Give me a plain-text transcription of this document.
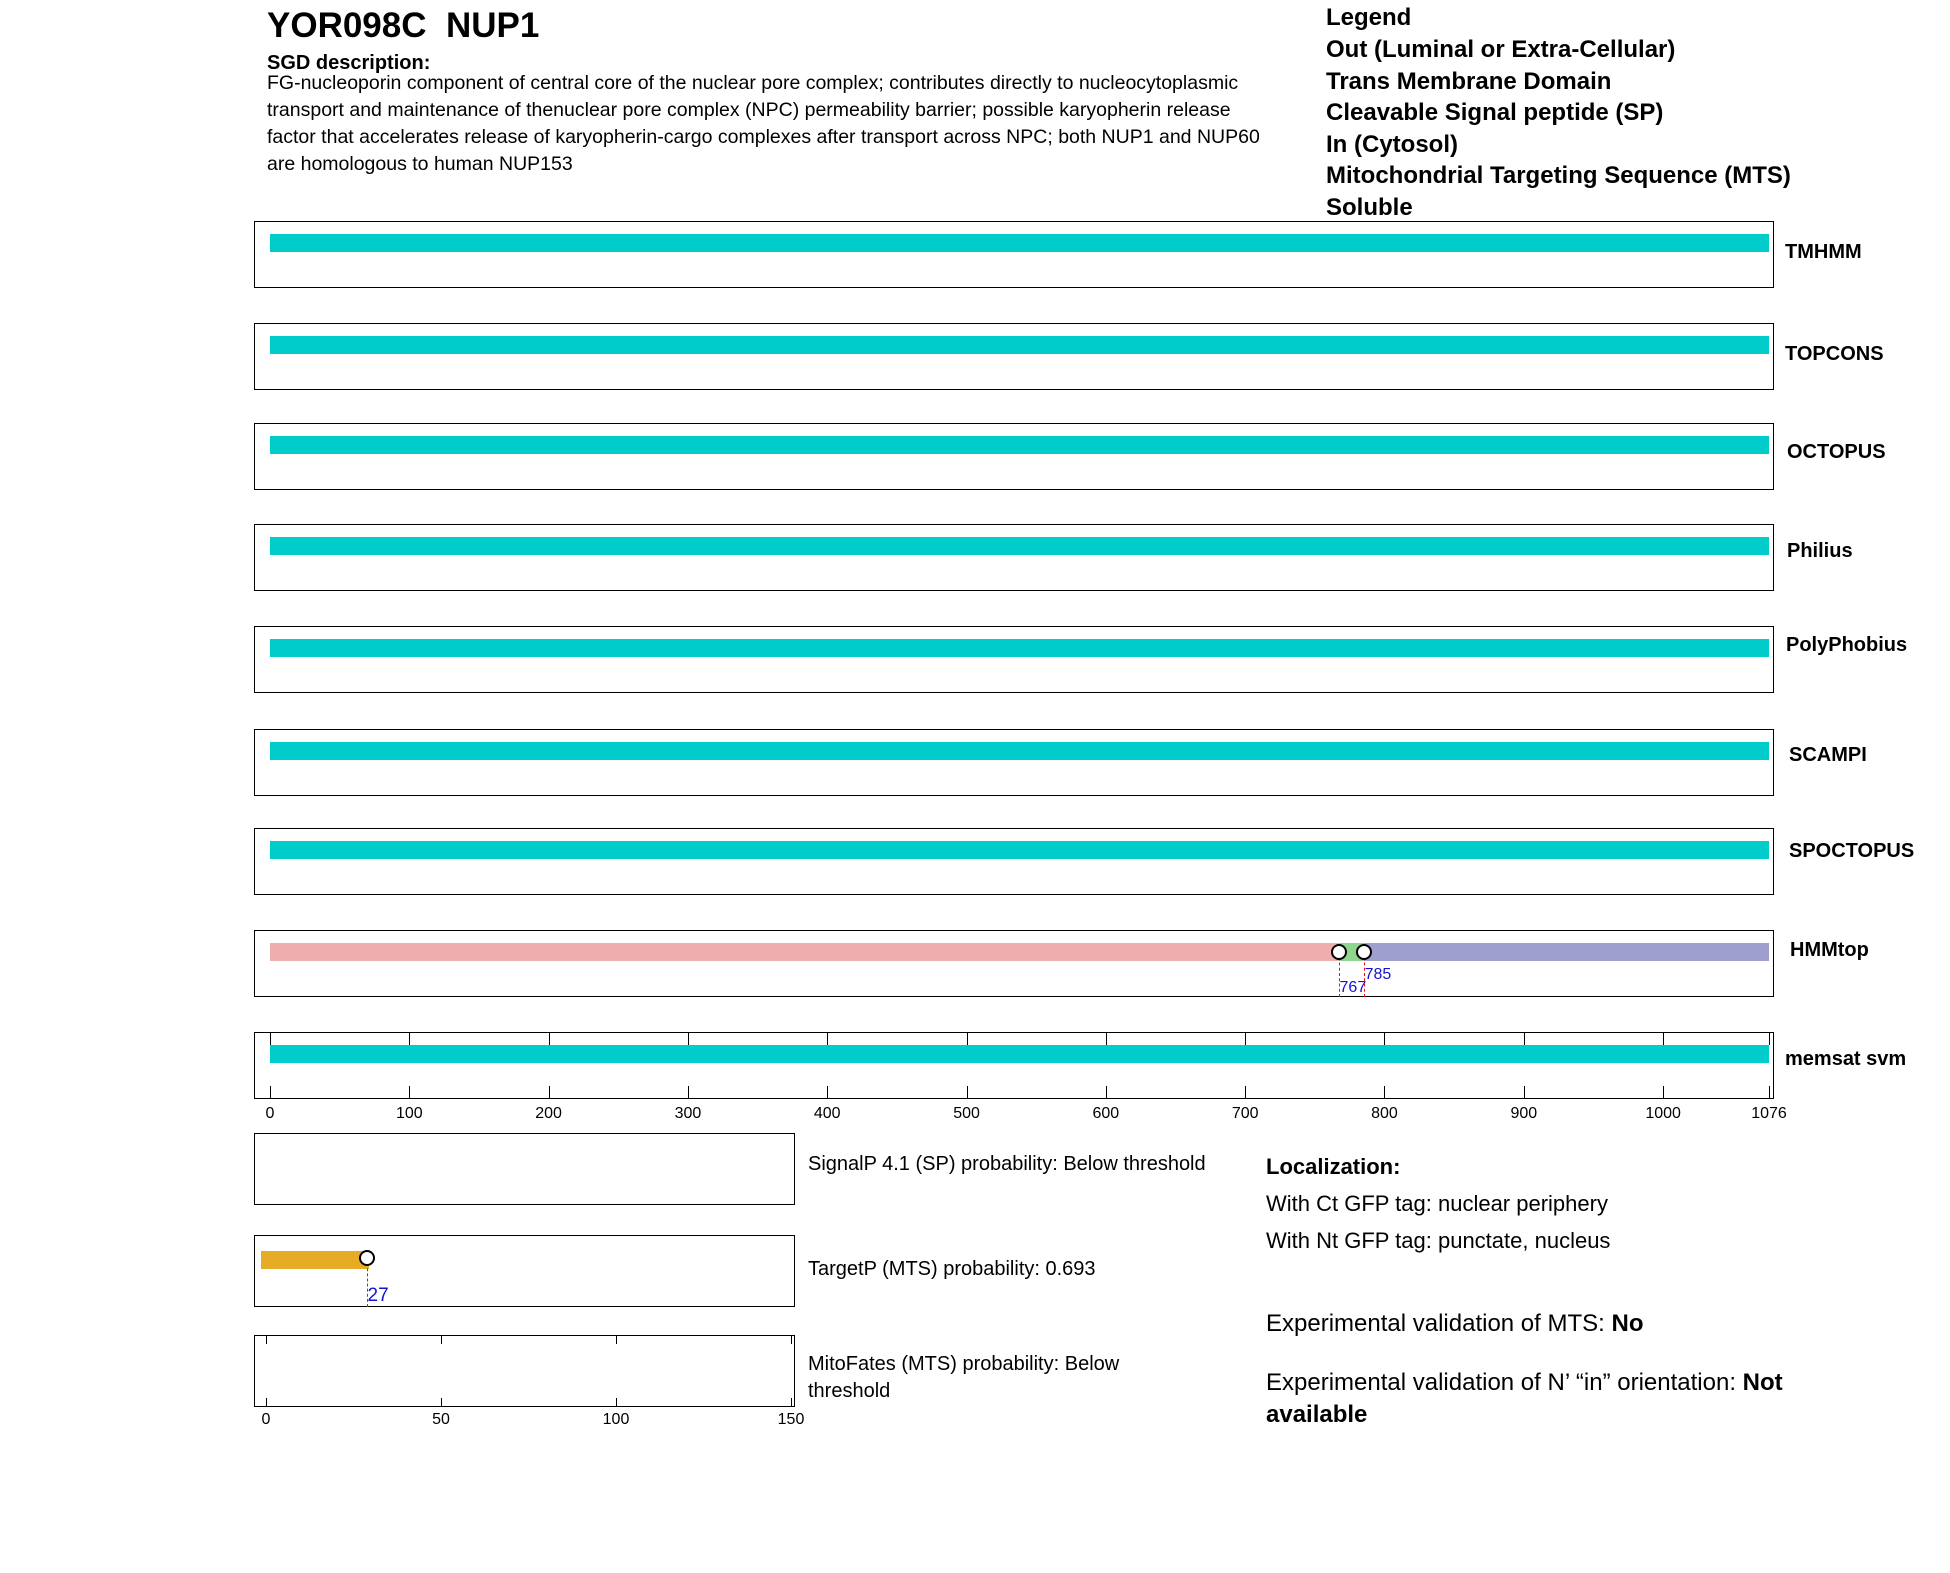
YOR098C  NUP1
SGD description:
FG-nucleoporin component of central core of the nuclear pore complex; contributes directly to nucleocytoplasmic transport and maintenance of thenuclear pore complex (NPC) permeability barrier; possible karyopherin release factor that accelerates release of karyopherin-cargo complexes after transport across NPC; both NUP1 and NUP60 are homologous to human NUP153
Legend
Out (Luminal or Extra-Cellular)
Trans Membrane Domain
Cleavable Signal peptide (SP)
In (Cytosol)
Mitochondrial Targeting Sequence (MTS)
Soluble
TMHMM
TOPCONS
OCTOPUS
Philius
PolyPhobius
SCAMPI
SPOCTOPUS
HMMtop
767
785
memsat svm
0	100	200	300	400	500	600	700	800	900	1000	1076
27
0	50	100	150
SignalP 4.1 (SP) probability: Below threshold
TargetP (MTS) probability: 0.693
MitoFates (MTS) probability: Below threshold
Localization:
With Ct GFP tag: nuclear periphery
With Nt GFP tag: punctate, nucleus
Experimental validation of MTS: No
Experimental validation of N’ “in” orientation: Not available
